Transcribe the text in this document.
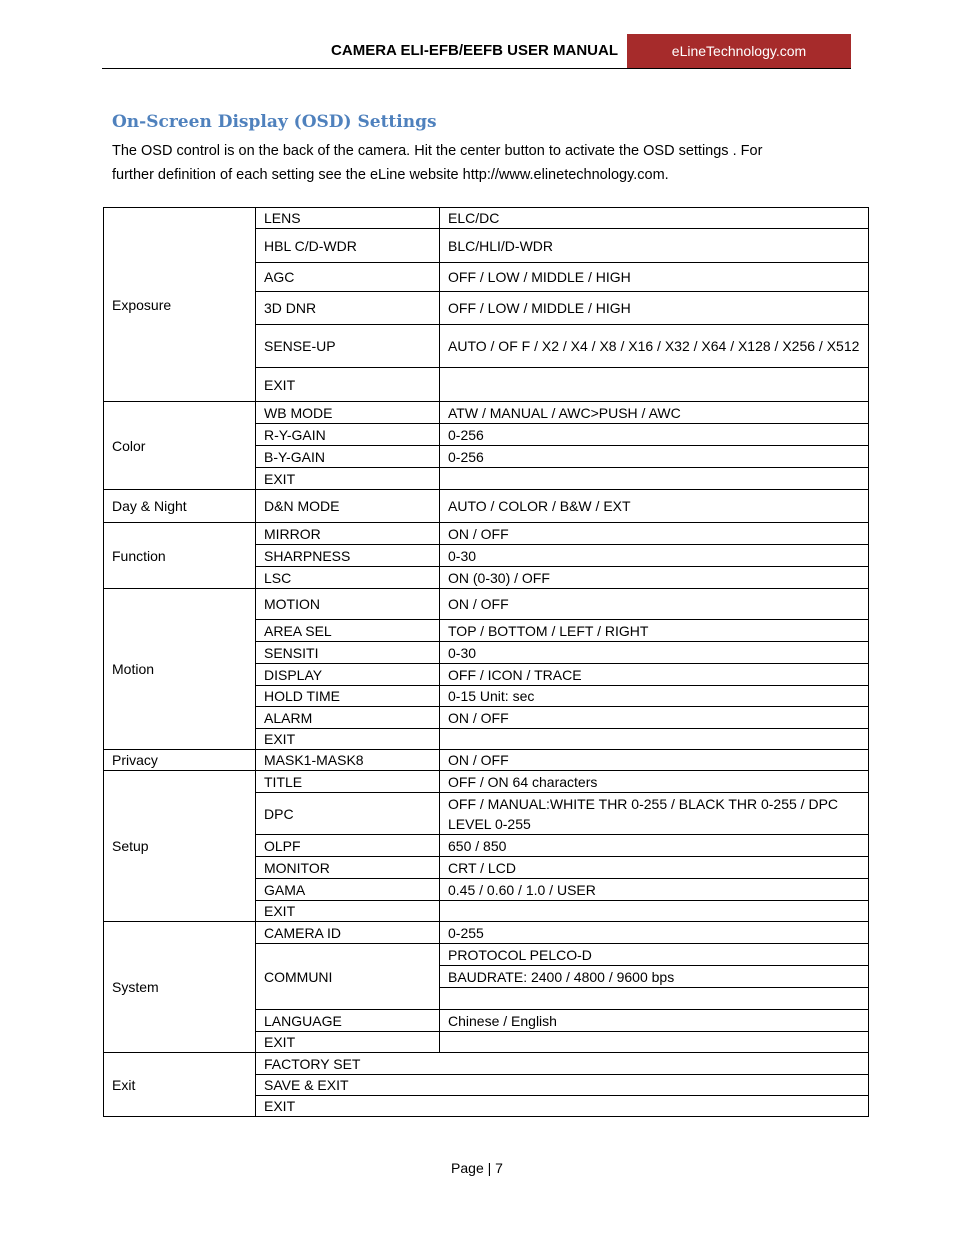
CAMERA ELI-EFB/EEFB USER MANUAL	eLineTechnology.com
On-Screen Display (OSD) Settings
The OSD control is on the back of the camera. Hit the center button to activate the OSD settings . For
further definition of each setting see the eLine website http://www.elinetechnology.com.
Exposure	LENS	ELC/DC
	HBL C/D-WDR	BLC/HLI/D-WDR
	AGC	OFF / LOW / MIDDLE / HIGH
	3D DNR	OFF / LOW / MIDDLE / HIGH
	SENSE-UP	AUTO / OF F / X2 / X4 / X8 / X16 / X32 / X64 / X128 / X256 / X512
	EXIT	
Color	WB MODE	ATW / MANUAL / AWC>PUSH / AWC
	R-Y-GAIN	0-256
	B-Y-GAIN	0-256
	EXIT	
Day & Night	D&N MODE	AUTO / COLOR / B&W / EXT
Function	MIRROR	ON / OFF
	SHARPNESS	0-30
	LSC	ON (0-30) / OFF
Motion	MOTION	ON / OFF
	AREA SEL	TOP / BOTTOM / LEFT / RIGHT
	SENSITI	0-30
	DISPLAY	OFF / ICON / TRACE
	HOLD TIME	0-15 Unit: sec
	ALARM	ON / OFF
	EXIT	
Privacy	MASK1-MASK8	ON / OFF
Setup	TITLE	OFF / ON 64 characters
	DPC	OFF / MANUAL:WHITE THR 0-255 / BLACK THR 0-255 / DPC LEVEL 0-255
	OLPF	650 / 850
	MONITOR	CRT / LCD
	GAMA	0.45 / 0.60 / 1.0 / USER
	EXIT	
System	CAMERA ID	0-255
	COMMUNI	PROTOCOL PELCO-D
		BAUDRATE: 2400 / 4800 / 9600 bps

	LANGUAGE	Chinese / English
	EXIT	
Exit	FACTORY SET	
	SAVE & EXIT	
	EXIT	
Page | 7
